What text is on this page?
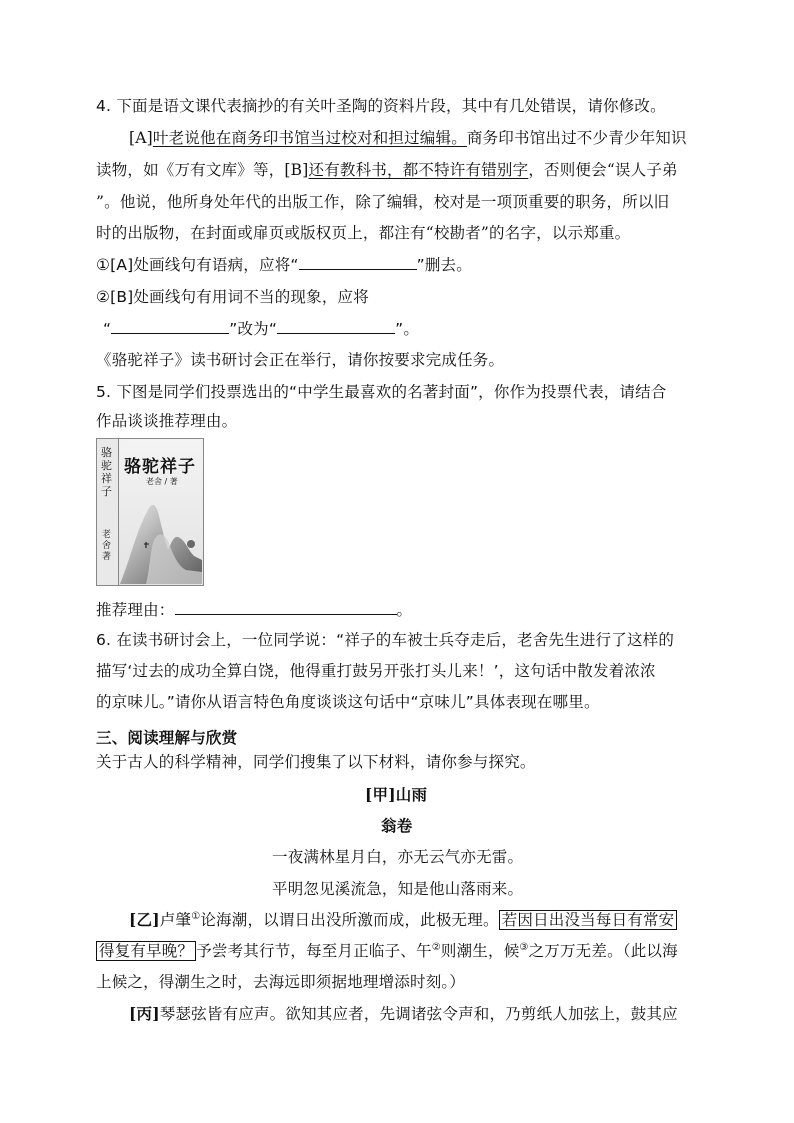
4. 下面是语文课代表摘抄的有关叶圣陶的资料片段，其中有几处错误，请你修改。
[A]叶老说他在商务印书馆当过校对和担过编辑。商务印书馆出过不少青少年知识
读物，如《万有文库》等，[B]还有教科书，都不特许有错别字，否则便会“误人子弟
”。他说，他所身处年代的出版工作，除了编辑，校对是一项顶重要的职务，所以旧
时的出版物，在封面或扉页或版权页上，都注有“校勘者”的名字，以示郑重。
①[A]处画线句有语病，应将“	”删去。
②[B]处画线句有用词不当的现象，应将
“	”改为“	”。
《骆驼祥子》读书研讨会正在举行，请你按要求完成任务。
5. 下图是同学们投票选出的“中学生最喜欢的名著封面”，你作为投票代表，请结合
作品谈谈推荐理由。
骆驼祥子
老舍 / 著
骆驼祥子
老舍著
推荐理由：	。
6. 在读书研讨会上，一位同学说：“祥子的车被士兵夺走后，老舍先生进行了这样的
描写‘过去的成功全算白饶，他得重打鼓另开张打头儿来！’，这句话中散发着浓浓
的京味儿。”请你从语言特色角度谈谈这句话中“京味儿”具体表现在哪里。
三、阅读理解与欣赏
关于古人的科学精神，同学们搜集了以下材料，请你参与探究。
[甲]山雨
翁卷
一夜满林星月白，亦无云气亦无雷。
平明忽见溪流急，知是他山落雨来。
[乙]卢肇①论海潮，以谓日出没所激而成，此极无理。 若因日出没当每日有常安
得复有早晚？ 予尝考其行节，每至月正临子、午②则潮生，候③之万万无差。（此以海
上候之，得潮生之时，去海远即须据地理增添时刻。）
[丙]琴瑟弦皆有应声。欲知其应者，先调诸弦令声和，乃剪纸人加弦上，鼓其应
